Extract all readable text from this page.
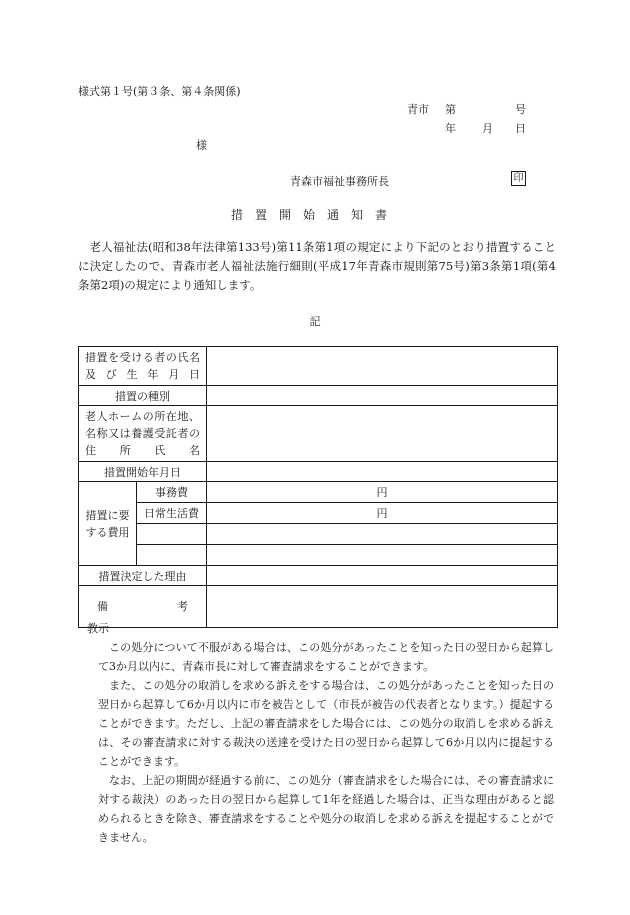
様式第１号(第３条、第４条関係)
青市 第	号
年 月 日
様
青森市福祉事務所長	印
措置開始通知書
老人福祉法(昭和38年法律第133号)第11条第1項の規定により下記のとおり措置することに決定したので、青森市老人福祉法施行細則(平成17年青森市規則第75号)第3条第1項(第4条第2項)の規定により通知します。
記
措置を受ける者の氏名及び生年月日		
措置の種別		
老人ホームの所在地、名称又は養護受託者の住所氏名		
措置開始年月日		
措置に要する費用	事務費	円
	日常生活費	円

措置決定した理由		
備考		
教示

この処分について不服がある場合は、この処分があったことを知った日の翌日から起算して3か月以内に、青森市長に対して審査請求をすることができます。

また、この処分の取消しを求める訴えをする場合は、この処分があったことを知った日の翌日から起算して6か月以内に市を被告として（市長が被告の代表者となります。）提起することができます。ただし、上記の審査請求をした場合には、この処分の取消しを求める訴えは、その審査請求に対する裁決の送達を受けた日の翌日から起算して6か月以内に提起することができます。

なお、上記の期間が経過する前に、この処分（審査請求をした場合には、その審査請求に対する裁決）のあった日の翌日から起算して1年を経過した場合は、正当な理由があると認められるときを除き、審査請求をすることや処分の取消しを求める訴えを提起することができません。
